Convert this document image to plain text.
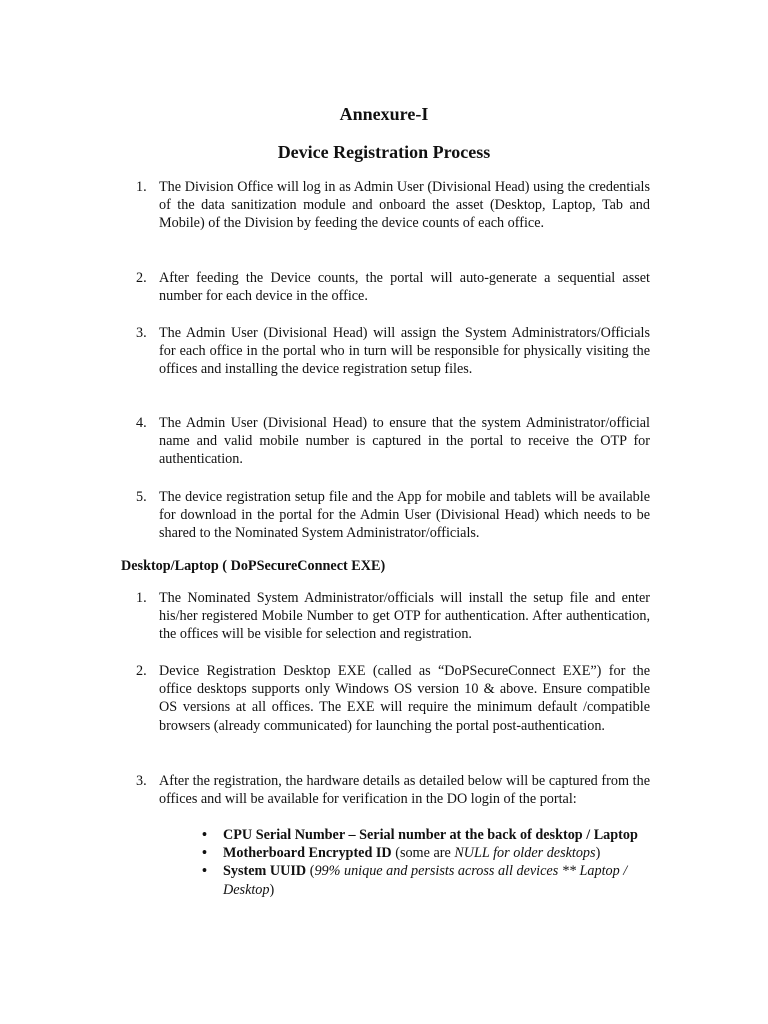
Annexure-I
Device Registration Process
1. The Division Office will log in as Admin User (Divisional Head) using the credentials of the data sanitization module and onboard the asset (Desktop, Laptop, Tab and Mobile) of the Division by feeding the device counts of each office.

2. After feeding the Device counts, the portal will auto-generate a sequential asset number for each device in the office.

3. The Admin User (Divisional Head) will assign the System Administrators/Officials for each office in the portal who in turn will be responsible for physically visiting the offices and installing the device registration setup files.

4. The Admin User (Divisional Head) to ensure that the system Administrator/official name and valid mobile number is captured in the portal to receive the OTP for authentication.

5. The device registration setup file and the App for mobile and tablets will be available for download in the portal for the Admin User (Divisional Head) which needs to be shared to the Nominated System Administrator/officials.

Desktop/Laptop ( DoPSecureConnect EXE)
1. The Nominated System Administrator/officials will install the setup file and enter his/her registered Mobile Number to get OTP for authentication. After authentication, the offices will be visible for selection and registration.

2. Device Registration Desktop EXE (called as “DoPSecureConnect EXE”) for the office desktops supports only Windows OS version 10 & above. Ensure compatible OS versions at all offices. The EXE will require the minimum default /compatible browsers (already communicated) for launching the portal post-authentication.

3. After the registration, the hardware details as detailed below will be captured from the offices and will be available for verification in the DO login of the portal:

•	CPU Serial Number – Serial number at the back of desktop / Laptop
•	Motherboard Encrypted ID (some are NULL for older desktops)
•	System UUID (99% unique and persists across all devices ** Laptop / Desktop)
